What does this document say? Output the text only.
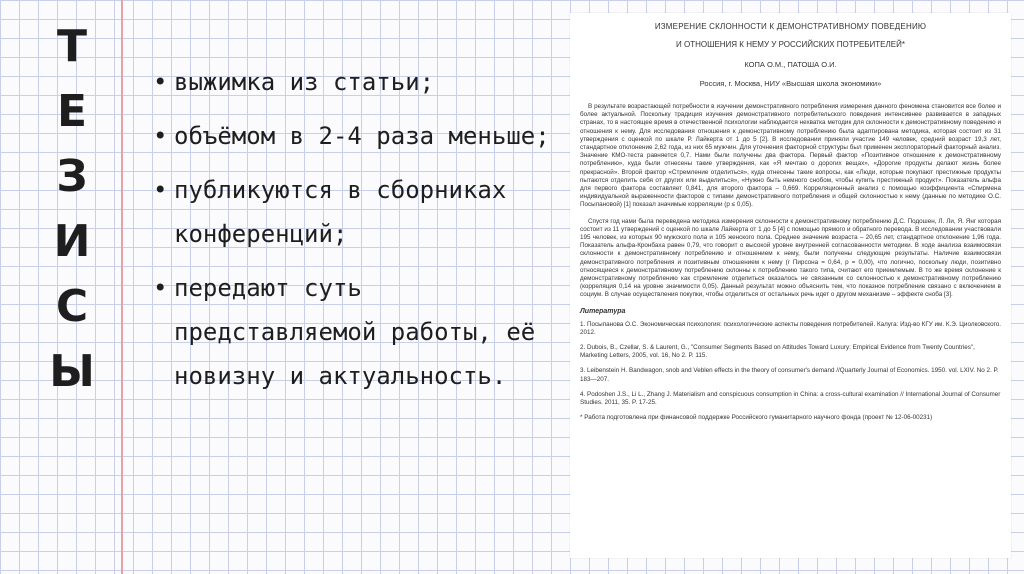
Т
Е
З
И
С
Ы
• выжимка из статьи;
• объёмом в 2-4 раза меньше;
• публикуются в сборниках конференций;
• передают суть представляемой работы, её новизну и актуальность.
ИЗМЕРЕНИЕ СКЛОННОСТИ К ДЕМОНСТРАТИВНОМУ ПОВЕДЕНИЮ
И ОТНОШЕНИЯ К НЕМУ У РОССИЙСКИХ ПОТРЕБИТЕЛЕЙ*
КОПА О.М., ПАТОША О.И.
Россия, г. Москва, НИУ «Высшая школа экономики»

В результате возрастающей потребности в изучении демонстративного потребления измерения данного феномена становится все более и более актуальной. Поскольку традиция изучения демонстративного потребительского поведения интенсивнее развивается в западных странах, то в настоящее время в отечественной психологии наблюдается нехватка методик для склонности к демонстративному поведению и отношения к нему. Для исследования отношения к демонстративному потреблению была адаптирована методика, которая состоит из 31 утверждения с оценкой по шкале Р. Лайкерта от 1 до 5 [2]. В исследовании приняли участие 149 человек, средний возраст 19,3 лет, стандартное отклонение 2,62 года, из них 65 мужчин. Для уточнения факторной структуры был применен эксплораторный факторный анализ. Значение КМО-теста равняется 0,7. Нами были получены два фактора. Первый фактор «Позитивное отношение к демонстративному потреблению», куда были отнесены такие утверждения, как «Я мечтаю о дорогих вещах», «Дорогие продукты делают жизнь более прекрасной». Второй фактор «Стремление отделиться», куда отнесены такие вопросы, как «Люди, которые покупают престижные продукты пытаются отделить себя от других или выделиться», «Нужно быть немного снобом, чтобы купить престижный продукт». Показатель альфа для первого фактора составляет 0,841, для второго фактора – 0,669. Корреляционный анализ с помощью коэффициента «Спирмена индивидуальной выраженности факторов с типами демонстративного потребления и общей склонностью к нему (данные по методике О.С. Посыпановой) [1] показал значимые корреляции (р ≤ 0,05).

Спустя год нами была переведена методика измерения склонности к демонстративному потреблению Д.С. Подошен, Л. Ли, Я. Янг которая состоит из 11 утверждений с оценкой по шкале Лайкерта от 1 до 5 [4] с помощью прямого и обратного перевода. В исследовании участвовали 195 человек, из которых 90 мужского пола и 105 женского пола. Среднее значение возраста – 20,65 лет, стандартное отклонение 1,96 года. Показатель альфа-Кронбаха равен 0,79, что говорит о высокой уровне внутренней согласованности методики. В ходе анализа взаимосвязи склонности к демонстративному потреблению и отношением к нему, были получены следующие результаты. Наличие взаимосвязи демонстративного потребления и позитивным отношением к нему (r Пирсона = 0,64, p = 0,00), что логично, поскольку люди, позитивно относящиеся к демонстративному потреблению склонны к потреблению такого типа, считают его приемлемым. В то же время склонение к демонстративному потреблению как стремление отделиться оказалось не связанным со склонностью к демонстративному потреблению (корреляция 0,14 на уровне значимости 0,05). Данный результат можно объяснить тем, что показное потребление связано с включением в социум. В случае осуществления покупки, чтобы отделиться от остальных речь идет о другом механизме – эффекте сноба [3].

Литература
1. Посыпанова О.С. Экономическая психология: психологические аспекты поведения потребителей. Калуга: Изд-во КГУ им. К.Э. Циолковского. 2012.
2. Dubois, B., Czellar, S. & Laurent, G., "Consumer Segments Based on Attitudes Toward Luxury: Empirical Evidence from Twenty Countries", Marketing Letters, 2005, vol. 16, No 2. P. 115.
3. Leibenstein H. Bandwagon, snob and Veblen effects in the theory of consumer's demand //Quarterly Journal of Economics. 1950. vol. LXIV. No 2. P. 183—207.
4. Podoshen J.S., Li L., Zhang J. Materialism and conspicuous consumption in China: a cross-cultural examination // International Journal of Consumer Studies. 2011, 35. P. 17-25.
* Работа подготовлена при финансовой поддержке Российского гуманитарного научного фонда (проект № 12-06-00231)
